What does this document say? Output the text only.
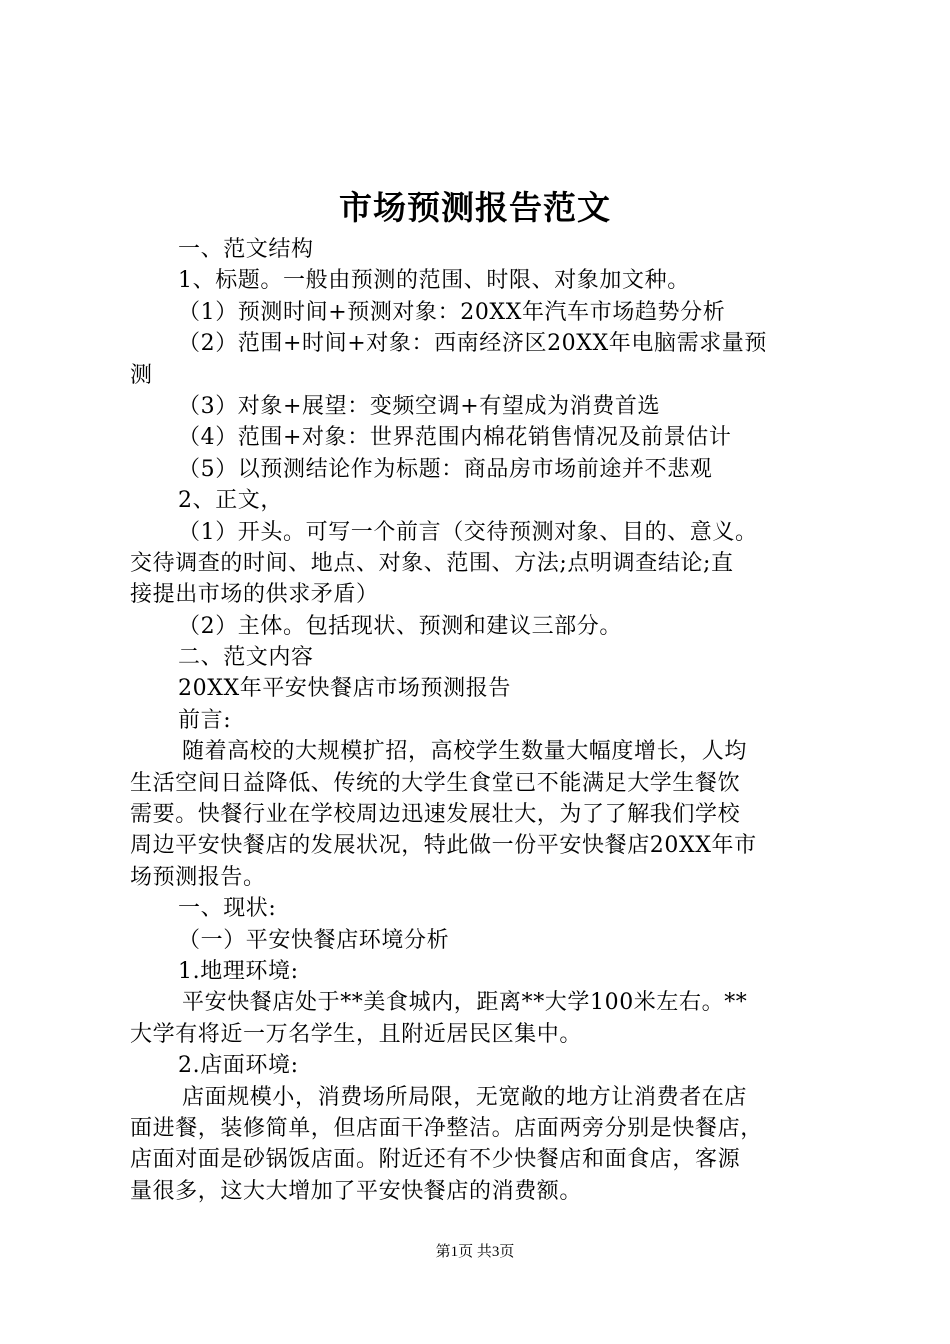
市场预测报告范文
一、范文结构
1、标题。一般由预测的范围、时限、对象加文种。
（1）预测时间+预测对象：20XX年汽车市场趋势分析
（2）范围+时间+对象：西南经济区20XX年电脑需求量预
测
（3）对象+展望：变频空调+有望成为消费首选
（4）范围+对象：世界范围内棉花销售情况及前景估计
（5）以预测结论作为标题：商品房市场前途并不悲观
2、正文，
（1）开头。可写一个前言（交待预测对象、目的、意义。
交待调查的时间、地点、对象、范围、方法;点明调查结论;直
接提出市场的供求矛盾）
（2）主体。包括现状、预测和建议三部分。
二、范文内容
20XX年平安快餐店市场预测报告
前言:
随着高校的大规模扩招，高校学生数量大幅度增长，人均
生活空间日益降低、传统的大学生食堂已不能满足大学生餐饮
需要。快餐行业在学校周边迅速发展壮大，为了了解我们学校
周边平安快餐店的发展状况，特此做一份平安快餐店20XX年市
场预测报告。
一、现状:
（一）平安快餐店环境分析
1.地理环境:
平安快餐店处于**美食城内，距离**大学100米左右。**
大学有将近一万名学生，且附近居民区集中。
2.店面环境:
店面规模小，消费场所局限，无宽敞的地方让消费者在店
面进餐，装修简单，但店面干净整洁。店面两旁分别是快餐店，
店面对面是砂锅饭店面。附近还有不少快餐店和面食店，客源
量很多，这大大增加了平安快餐店的消费额。
第1页 共3页
